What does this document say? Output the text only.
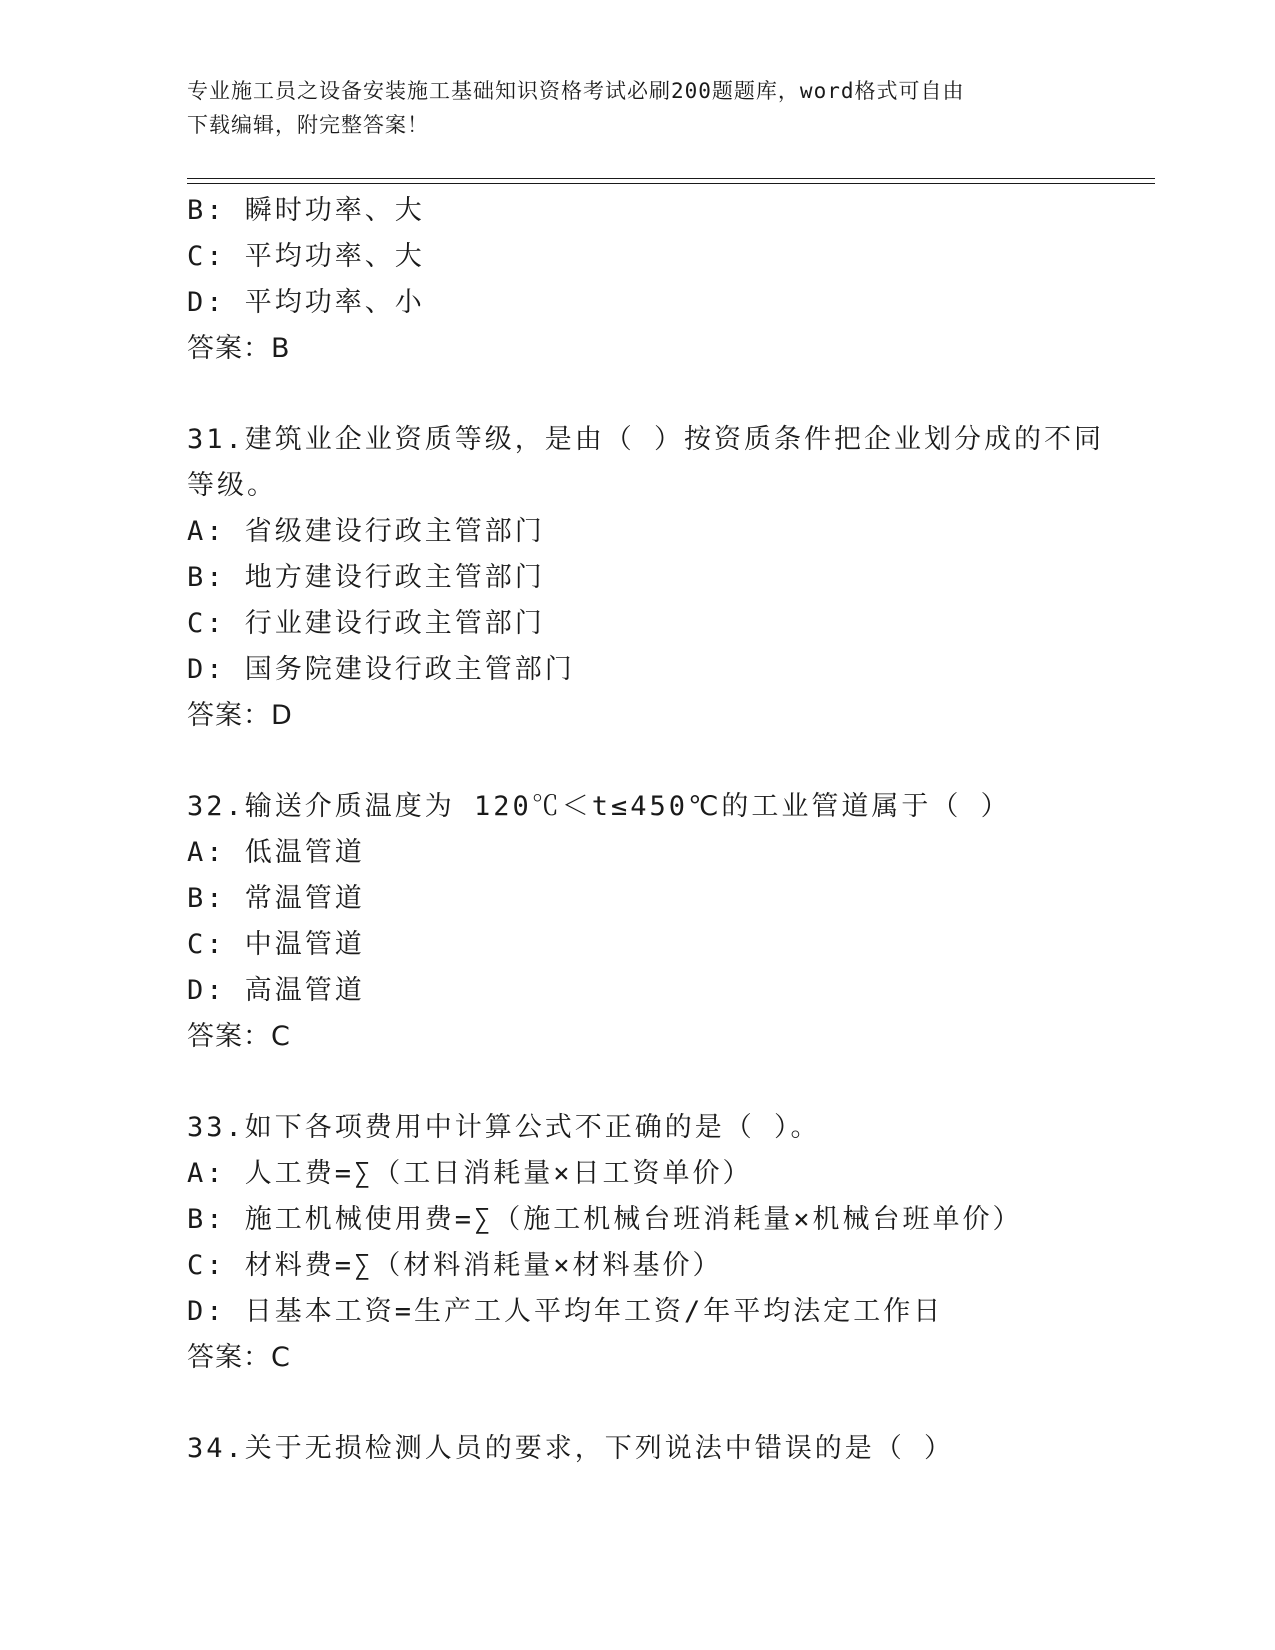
专业施工员之设备安装施工基础知识资格考试必刷200题题库，word格式可自由
下载编辑，附完整答案！
B: 瞬时功率、大
C: 平均功率、大
D: 平均功率、小
答案：B
31.建筑业企业资质等级，是由（ ）按资质条件把企业划分成的不同
等级。
A: 省级建设行政主管部门
B: 地方建设行政主管部门
C: 行业建设行政主管部门
D: 国务院建设行政主管部门
答案：D
32.输送介质温度为 120℃＜t≤450℃的工业管道属于（ ）
A: 低温管道
B: 常温管道
C: 中温管道
D: 高温管道
答案：C
33.如下各项费用中计算公式不正确的是（ ）。
A: 人工费=∑（工日消耗量×日工资单价）
B: 施工机械使用费=∑（施工机械台班消耗量×机械台班单价）
C: 材料费=∑（材料消耗量×材料基价）
D: 日基本工资=生产工人平均年工资/年平均法定工作日
答案：C
34.关于无损检测人员的要求，下列说法中错误的是（ ）
